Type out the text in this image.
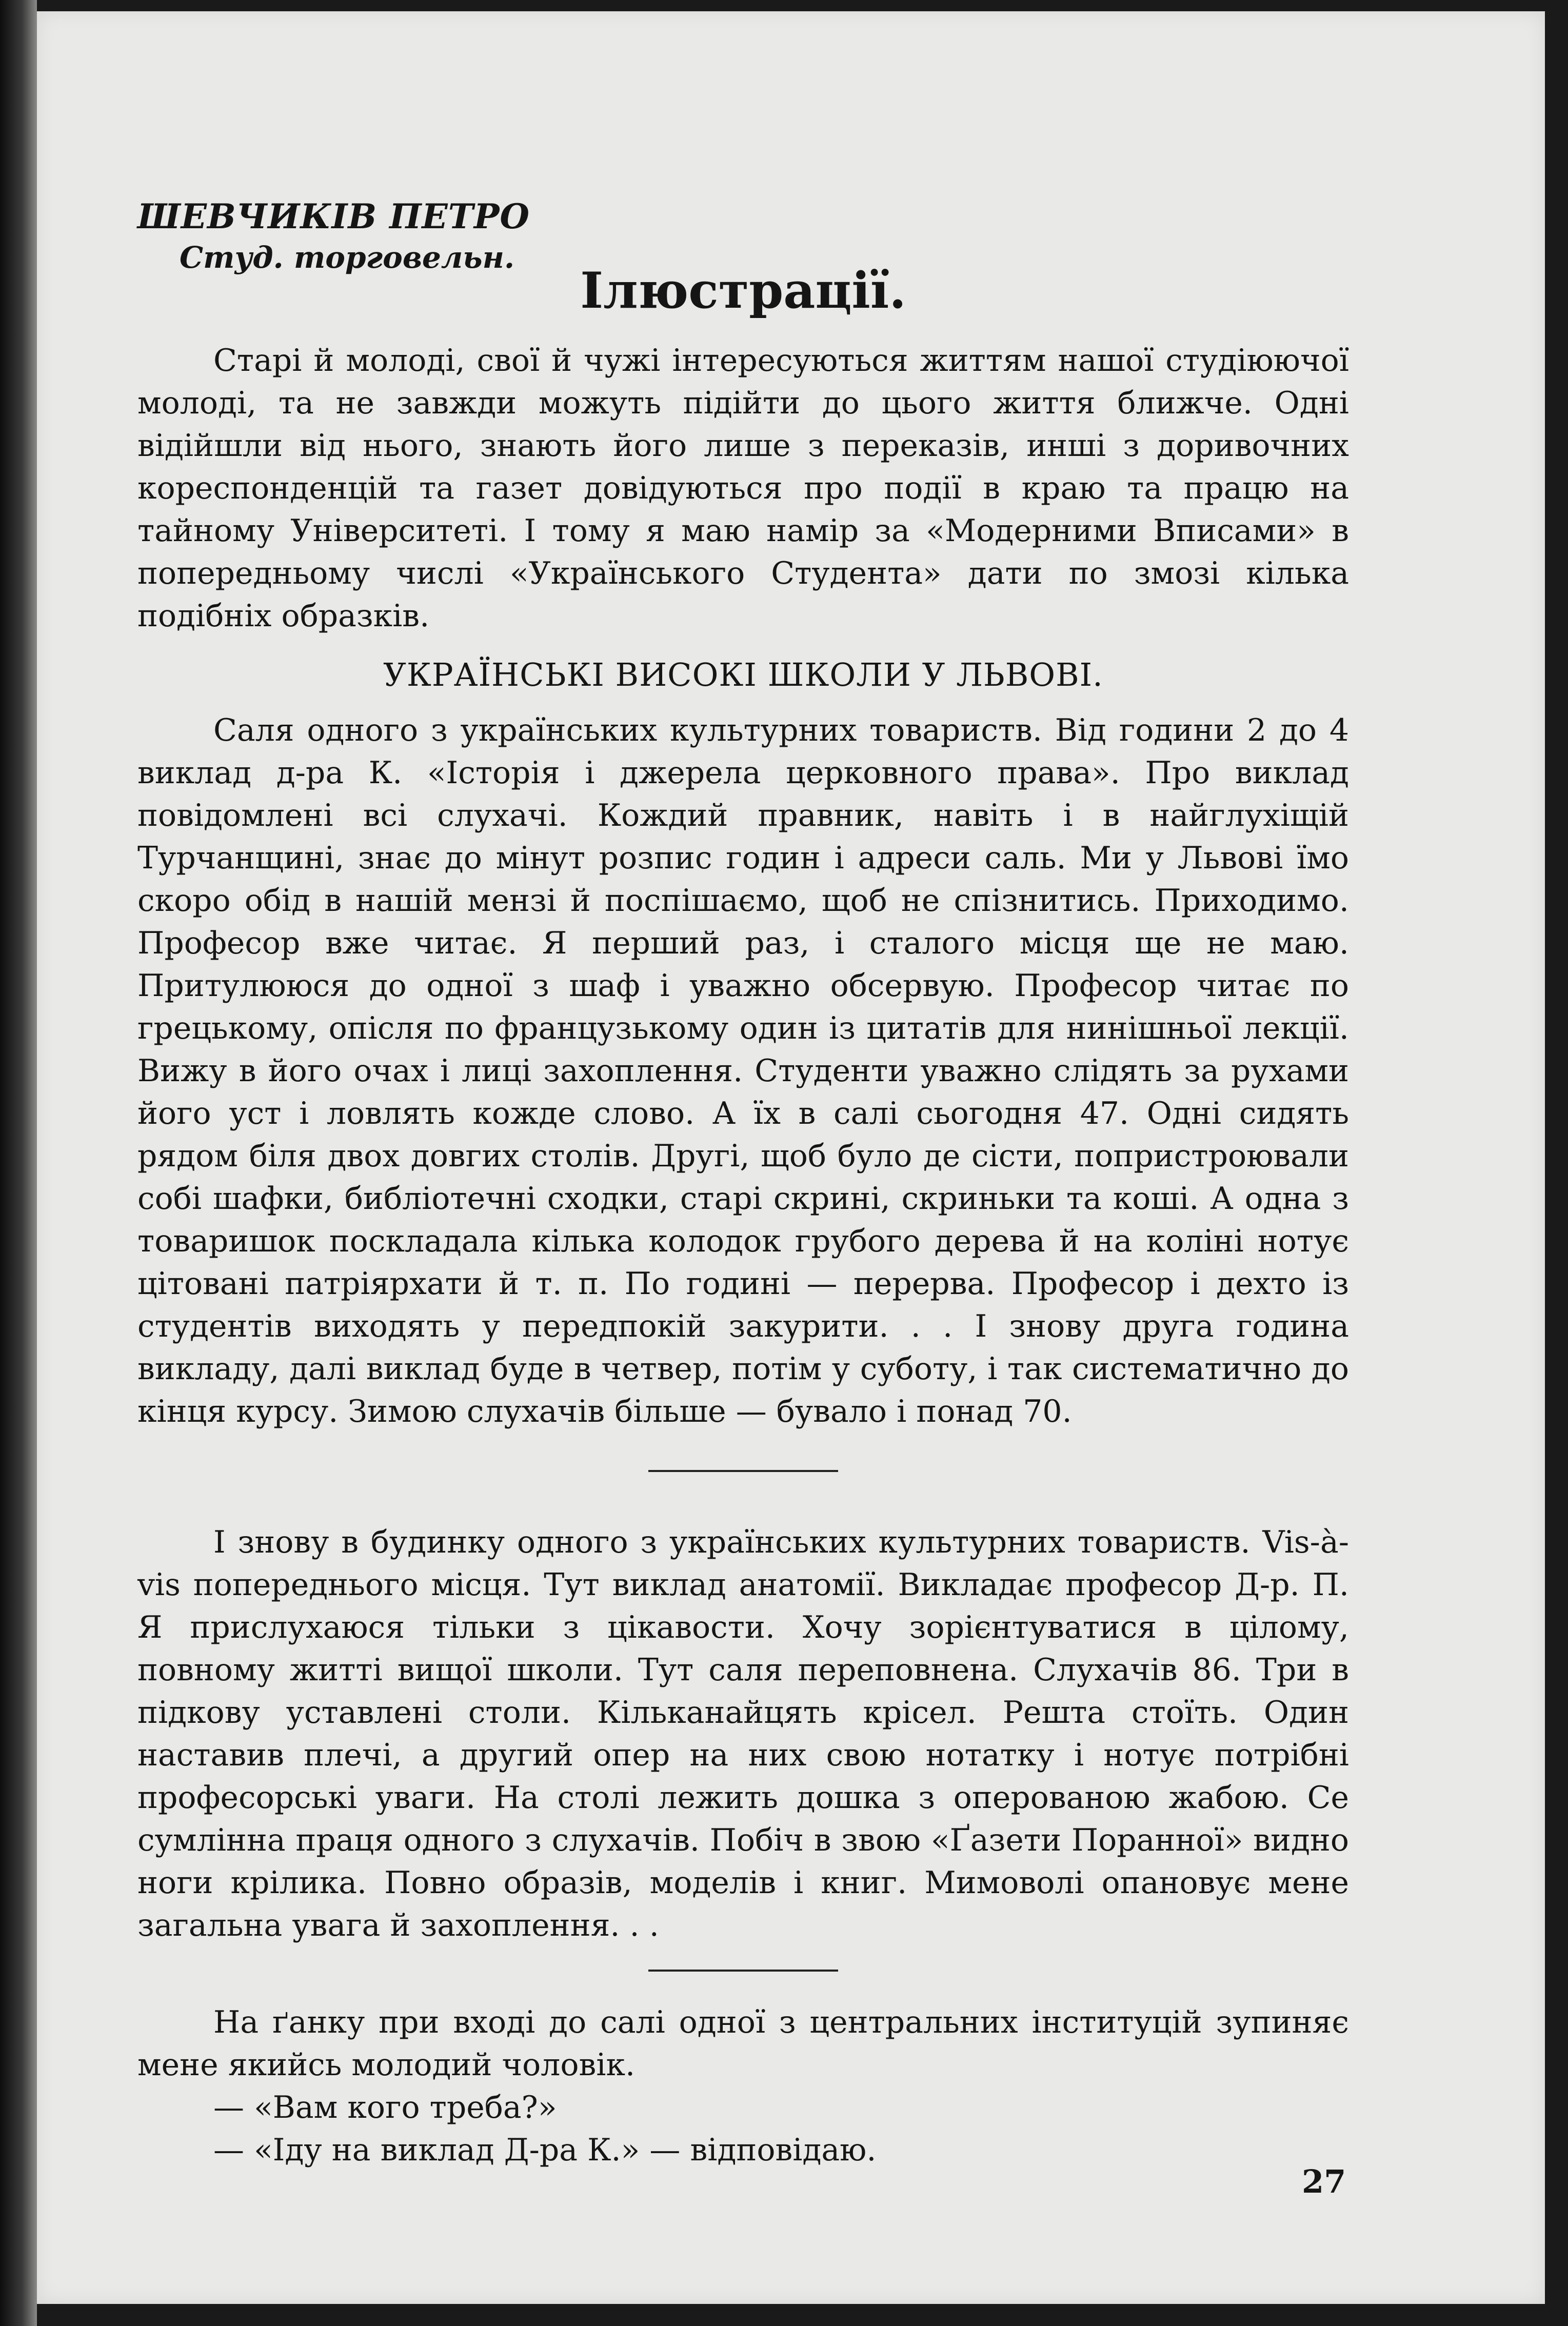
ШЕВЧИКІВ ПЕТРО
Студ. торговельн.
Ілюстрації.

Старі й молоді, свої й чужі інтересуються життям нашої студіюючої молоді, та не завжди можуть підійти до цього життя ближче. Одні відійшли від нього, знають його лише з переказів, инші з доривочних кореспонденцій та газет довідуються про події в краю та працю на тайному Університеті. І тому я маю намір за «Модерними Вписами» в попередньому числі «Українського Студента» дати по змозі кілька подібніх образків.

УКРАЇНСЬКІ ВИСОКІ ШКОЛИ У ЛЬВОВІ.

Саля одного з українських культурних товариств. Від години 2 до 4 виклад д-ра К. «Історія і джерела церковного права». Про виклад повідомлені всі слухачі. Кождий правник, навіть і в найглухіщій Турчанщині, знає до мінут розпис годин і адреси саль. Ми у Львові їмо скоро обід в нашій мензі й поспішаємо, щоб не спізнитись. Приходимо. Професор вже читає. Я перший раз, і сталого місця ще не маю. Притулююся до одної з шаф і уважно обсервую. Професор читає по грецькому, опісля по французькому один із цитатів для нинішньої лекції. Вижу в його очах і лиці захоплення. Студенти уважно слідять за рухами його уст і ловлять кожде слово. А їх в салі сьогодня 47. Одні сидять рядом біля двох довгих столів. Другі, щоб було де сісти, попристроювали собі шафки, библіотечні сходки, старі скрині, скриньки та коші. А одна з товаришок поскладала кілька колодок грубого дерева й на коліні нотує цітовані патріярхати й т. п. По годині — перерва. Професор і дехто із студентів виходять у передпокій закурити. . . І знову друга година викладу, далі виклад буде в четвер, потім у суботу, і так систематично до кінця курсу. Зимою слухачів більше — бувало і понад 70.

І знову в будинку одного з українських культурних товариств. Vis-à-vis попереднього місця. Тут виклад анатомії. Викладає професор Д-р. П. Я прислухаюся тільки з цікавости. Хочу зорієнтуватися в цілому, повному житті вищої школи. Тут саля переповнена. Слухачів 86. Три в підкову уставлені столи. Кільканайцять крісел. Решта стоїть. Один наставив плечі, а другий опер на них свою нотатку і нотує потрібні професорські уваги. На столі лежить дошка з оперованою жабою. Се сумлінна праця одного з слухачів. Побіч в звою «Ґазети Поранної» видно ноги крілика. Повно образів, моделів і книг. Мимоволі опановує мене загальна увага й захоплення. . .

На ґанку при вході до салі одної з центральних інституцій зупиняє мене якийсь молодий чоловік.

— «Вам кого треба?»

— «Іду на виклад Д-ра К.» — відповідаю.

27
